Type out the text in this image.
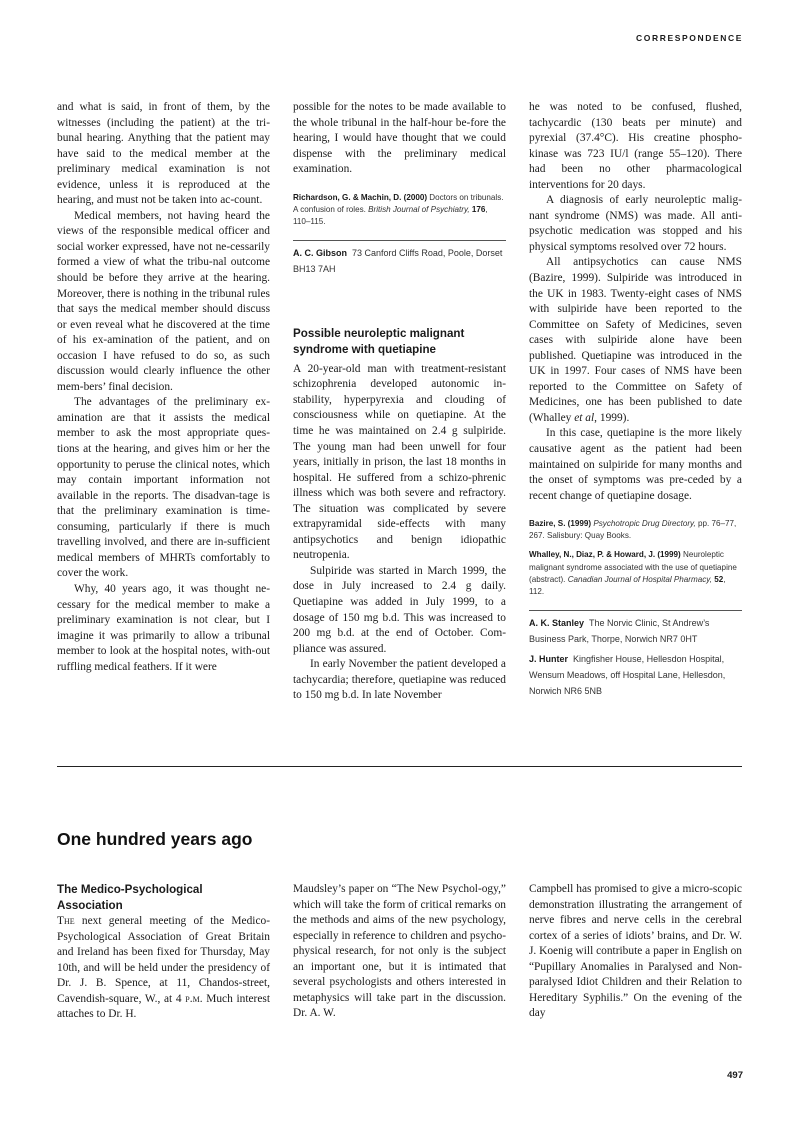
CORRESPONDENCE

and what is said, in front of them, by the witnesses (including the patient) at the tri-bunal hearing. Anything that the patient may have said to the medical member at the preliminary medical examination is not evidence, unless it is reproduced at the hearing, and must not be taken into ac-count.

Medical members, not having heard the views of the responsible medical officer and social worker expressed, have not ne-cessarily formed a view of what the tribu-nal outcome should be before they arrive at the hearing. Moreover, there is nothing in the tribunal rules that says the medical member should discuss or even reveal what he discovered at the time of his ex-amination of the patient, and on occasion I have refused to do so, as such discussion would clearly influence the other mem-bers’ final decision.

The advantages of the preliminary ex-amination are that it assists the medical member to ask the most appropriate ques-tions at the hearing, and gives him or her the opportunity to peruse the clinical notes, which may contain important information not available in the reports. The disadvan-tage is that the preliminary examination is time-consuming, particularly if there is much travelling involved, and there are in-sufficient medical members of MHRTs comfortably to cover the work.

Why, 40 years ago, it was thought ne-cessary for the medical member to make a preliminary examination is not clear, but I imagine it was primarily to allow a tribunal member to look at the hospital notes, with-out ruffling medical feathers. If it were

possible for the notes to be made available to the whole tribunal in the half-hour be-fore the hearing, I would have thought that we could dispense with the preliminary medical examination.

Richardson, G. & Machin, D. (2000) Doctors on tribunals. A confusion of roles. British Journal of Psychiatry, 176, 110–115.

A. C. Gibson 73 Canford Cliffs Road, Poole, Dorset BH13 7AH

Possible neuroleptic malignant syndrome with quetiapine

A 20-year-old man with treatment-resistant schizophrenia developed autonomic in-stability, hyperpyrexia and clouding of consciousness while on quetiapine. At the time he was maintained on 2.4 g sulpiride. The young man had been unwell for four years, initially in prison, the last 18 months in hospital. He suffered from a schizo-phrenic illness which was both severe and refractory. The situation was complicated by severe extrapyramidal side-effects with many antipsychotics and benign idiopathic neutropenia.

Sulpiride was started in March 1999, the dose in July increased to 2.4 g daily. Quetiapine was added in July 1999, to a dosage of 150 mg b.d. This was increased to 200 mg b.d. at the end of October. Com-pliance was assured.

In early November the patient developed a tachycardia; therefore, quetiapine was reduced to 150 mg b.d. In late November

he was noted to be confused, flushed, tachycardic (130 beats per minute) and pyrexial (37.4°C). His creatine phospho-kinase was 723 IU/l (range 55–120). There had been no other pharmacological interventions for 20 days.

A diagnosis of early neuroleptic malig-nant syndrome (NMS) was made. All anti-psychotic medication was stopped and his physical symptoms resolved over 72 hours.

All antipsychotics can cause NMS (Bazire, 1999). Sulpiride was introduced in the UK in 1983. Twenty-eight cases of NMS with sulpiride have been reported to the Committee on Safety of Medicines, seven cases with sulpiride alone have been published. Quetiapine was introduced in the UK in 1997. Four cases of NMS have been reported to the Committee on Safety of Medicines, one has been published to date (Whalley et al, 1999).

In this case, quetiapine is the more likely causative agent as the patient had been maintained on sulpiride for many months and the onset of symptoms was pre-ceded by a recent change of quetiapine dosage.

Bazire, S. (1999) Psychotropic Drug Directory, pp. 76–77, 267. Salisbury: Quay Books.

Whalley, N., Diaz, P. & Howard, J. (1999) Neuroleptic malignant syndrome associated with the use of quetiapine (abstract). Canadian Journal of Hospital Pharmacy, 52, 112.

A. K. Stanley The Norvic Clinic, St Andrew’s Business Park, Thorpe, Norwich NR7 0HT

J. Hunter Kingfisher House, Hellesdon Hospital, Wensum Meadows, off Hospital Lane, Hellesdon, Norwich NR6 5NB

One hundred years ago
The Medico-Psychological Association

The next general meeting of the Medico-Psychological Association of Great Britain and Ireland has been fixed for Thursday, May 10th, and will be held under the presidency of Dr. J. B. Spence, at 11, Chandos-street, Cavendish-square, W., at 4 p.m. Much interest attaches to Dr. H.

Maudsley’s paper on “The New Psychol-ogy,” which will take the form of critical remarks on the methods and aims of the new psychology, especially in reference to children and psycho-physical research, for not only is the subject an important one, but it is intimated that several psychologists and others interested in metaphysics will take part in the discussion. Dr. A. W.

Campbell has promised to give a micro-scopic demonstration illustrating the arrangement of nerve fibres and nerve cells in the cerebral cortex of a series of idiots’ brains, and Dr. W. J. Koenig will contribute a paper in English on “Pupillary Anomalies in Paralysed and Non-paralysed Idiot Children and their Relation to Hereditary Syphilis.” On the evening of the day

497
